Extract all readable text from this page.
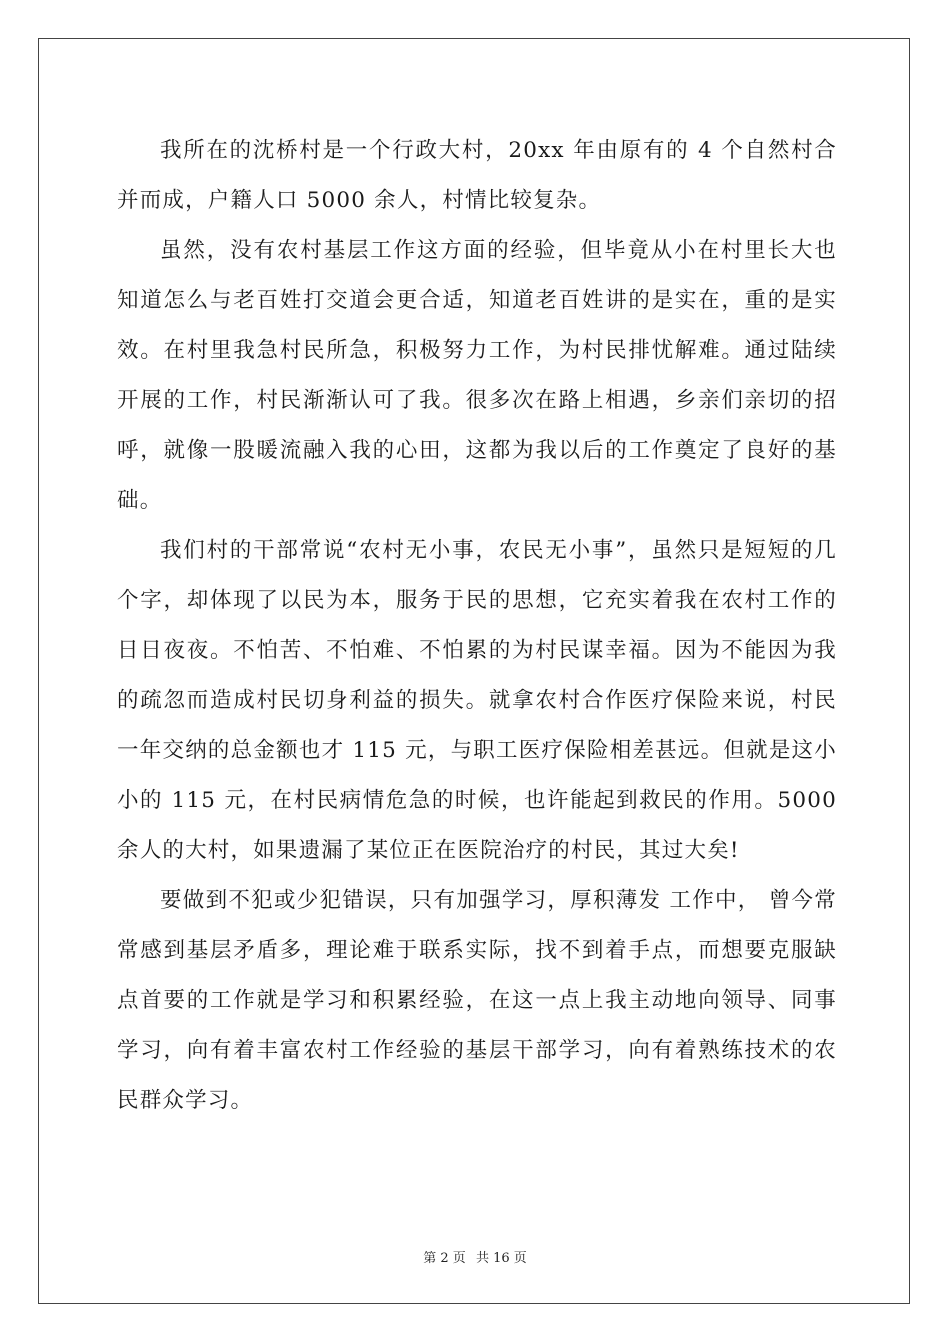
我所在的沈桥村是一个行政大村，20xx 年由原有的 4 个自然村合并而成，户籍人口 5000 余人，村情比较复杂。

虽然，没有农村基层工作这方面的经验，但毕竟从小在村里长大也知道怎么与老百姓打交道会更合适，知道老百姓讲的是实在，重的是实效。在村里我急村民所急，积极努力工作，为村民排忧解难。通过陆续开展的工作，村民渐渐认可了我。很多次在路上相遇，乡亲们亲切的招呼，就像一股暖流融入我的心田，这都为我以后的工作奠定了良好的基础。

我们村的干部常说“农村无小事，农民无小事”，虽然只是短短的几个字，却体现了以民为本，服务于民的思想，它充实着我在农村工作的日日夜夜。不怕苦、不怕难、不怕累的为村民谋幸福。因为不能因为我的疏忽而造成村民切身利益的损失。就拿农村合作医疗保险来说，村民一年交纳的总金额也才 115 元，与职工医疗保险相差甚远。但就是这小小的 115 元，在村民病情危急的时候，也许能起到救民的作用。5000 余人的大村，如果遗漏了某位正在医院治疗的村民，其过大矣!

要做到不犯或少犯错误，只有加强学习，厚积薄发 工作中， 曾今常常感到基层矛盾多，理论难于联系实际，找不到着手点，而想要克服缺点首要的工作就是学习和积累经验，在这一点上我主动地向领导、同事学习，向有着丰富农村工作经验的基层干部学习，向有着熟练技术的农民群众学习。

第 2 页 共 16 页
